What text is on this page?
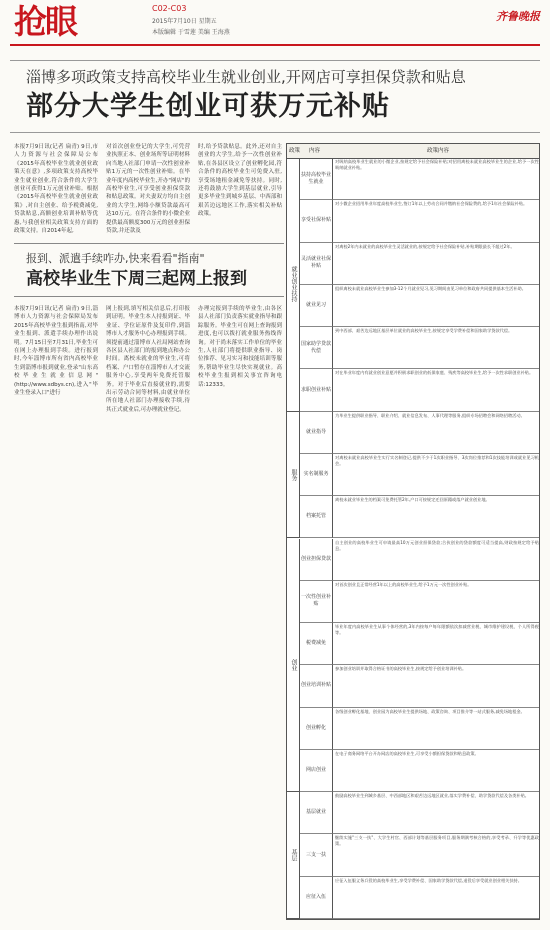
抢眼	C02-C03
2015年7月10日 星期五
本版编辑 于雪莲 美编 王海燕
齐鲁晚报
淄博多项政策支持高校毕业生就业创业,开网店可享担保贷款和贴息
部分大学生创业可获万元补贴
本报7月9日讯(记者 扁青) 9日,市人力资源与社会保障局公布《2015年高校毕业生就业创业政策天在意》,多项政策支持高校毕业生就业创业,符合条件的大学生创业可获得1万元创业补贴。根据《2015年高校毕业生就业创业政策》,对自主创业、给予税费减免,贷款贴息,高额创业培训补贴等优惠,与我创业相关政策支持方面的政策文持。自2014年起,
对首次创业登记的大学生,可凭营业执照正本、创业场所等证明材料向当地人社部门申请一次性创业补贴1万元的一次性创业补贴。在毕业年度内高校毕业生,开办"网店"的高校毕业生,可享受创业担保贷款和贴息政策。对夫妻双方均自主创业的大学生,网络小额贷款最高可达10万元。在符合条件的小微企业提供最高额度300万元的创业担保贷款,并还款及
时,给予贷款贴息。此外,还对自主创业的大学生,给予一次性创业补贴,在各县区设立了创业孵化园,符合条件的高校毕业生可免费入驻,享受场地租金减免等扶持。同时,还将鼓励大学生到基层就业,引导更多毕业生到城乡基层、中西部和艰苦边远地区工作,落实相关补贴政策。
报到、派遣手续咋办,快来看看"指南"
高校毕业生下周三起网上报到
本报7月9日讯(记者 扁青) 9日,淄博市人力资源与社会保障局发布2015年高校毕业生报到指南,对毕业生报到、派遣手续办理作出说明。7月15日至7月31日,毕业生可在网上办理报到手续。进行报到时,今年淄博市所有省内高校毕业生到淄博市报到就业,登录"山东高校毕业生就业信息网"(http://www.sdbys.cn),进入"毕业生登录入口"进行
网上报到,填写相关信息后,打印报到证明。毕业生本人持报到证、毕业证、学位证原件及复印件,到淄博市人才服务中心办理报到手续。须提前通过淄博市人社局网站查询各区县人社部门的报到地点和办公时间。离校未就业的毕业生,可将档案、户口暂存在淄博市人才交流服务中心,享受两年免费托管服务。对于毕业后直接就业的,需要出示劳动合同等材料,由就业单位所在地人社部门办理接收手续,待其正式就业后,可办理就业登记。
办理完报到手续的毕业生,由各区县人社部门负责落实就业指导和跟踪服务。毕业生可在网上查询报到进度,也可以拨打就业服务热线咨询。对于尚未落实工作单位的毕业生,人社部门将提供职业指导、岗位推荐、见习实习和技能培训等服务,帮助毕业生尽快实现就业。高校毕业生报到相关事宜咨询电话:12333。
政策 内容	政策内容
就业创业扶持
扶持高校毕业生就业
对吸纳高校毕业生就业的小微企业,按规定给予社会保险补贴;对招用离校未就业高校毕业生的企业,给予一次性吸纳就业补贴。
享受社保补贴
对小微企业招用毕业年度高校毕业生,签订1年以上劳动合同并缴纳社会保险费的,给予1年社会保险补贴。
灵活就业社保补贴
对离校2年内未就业的高校毕业生灵活就业的,按规定给予社会保险补贴,补贴期限最长不超过2年。
就业见习
组织离校未就业高校毕业生参加3-12个月就业见习,见习期间由见习单位和政府共同提供基本生活补助。
国家助学贷款代偿
到中西部、艰苦边远地区基层单位就业的高校毕业生,按规定享受学费补偿和国家助学贷款代偿。
求职创业补贴
对在毕业年度内有就业创业意愿并积极求职创业的低保家庭、残疾等高校毕业生,给予一次性求职创业补贴。
服务
就业指导
为毕业生提供职业指导、职业介绍、就业信息发布、人事代理等服务,组织专场招聘会和网络招聘活动。
实名制服务
对离校未就业高校毕业生实行实名制登记,提供不少于1次职业指导、3次岗位推荐和1次技能培训或就业见习机会。
档案托管
离校未就业毕业生的档案可免费托管2年,户口可按规定迁回原籍或落户就业创业地。
创业
创业担保贷款
自主创业的高校毕业生可申请最高10万元创业担保贷款;合伙创业的贷款额度可适当提高,财政按规定给予贴息。
一次性创业补贴
对首次创业且正常经营1年以上的高校毕业生,给予1万元一次性创业补贴。
税费减免
毕业年度内高校毕业生从事个体经营的,3年内按每户每年限额依次扣减营业税、城市维护建设税、个人所得税等。
创业培训补贴
参加创业培训并取得合格证书的高校毕业生,按规定给予创业培训补贴。
创业孵化
各级创业孵化基地、创业园为高校毕业生提供场地、政策咨询、项目推介等一站式服务,减免场地租金。
网店创业
在电子商务网络平台开办网店的高校毕业生,可享受小额担保贷款和贴息政策。
基层
基层就业
鼓励高校毕业生到城乡基层、中西部地区和艰苦边远地区就业,落实学费补偿、助学贷款代偿及各类补贴。
三支一扶
继续实施"三支一扶"、大学生村官、西部计划等基层服务项目,服务期满考核合格的,享受考录、升学等优惠政策。
应征入伍
应征入伍服义务兵役的高校毕业生,享受学费补偿、国家助学贷款代偿,退役后享受就业创业相关扶持。
